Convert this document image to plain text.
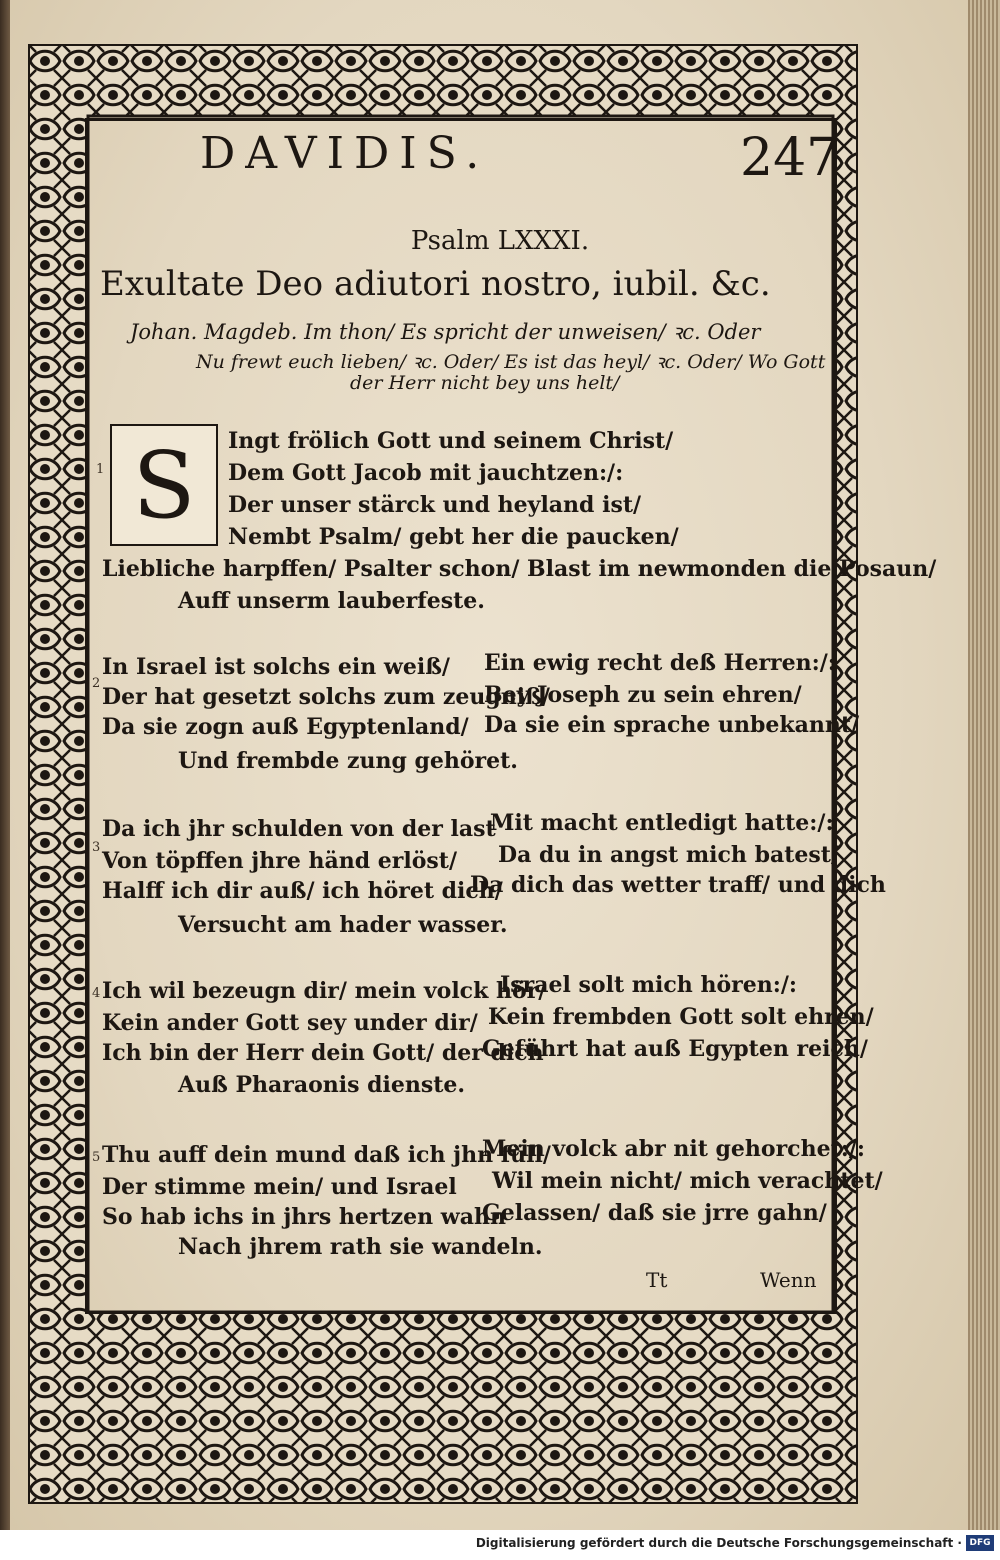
DAVIDIS.	247
Psalm LXXXI.
Exultate Deo adiutori nostro, iubil. &c.
Johan. Magdeb. Im thon/ Es spricht der unweisen/ ꝛc. Oder
Nu frewt euch lieben/ ꝛc. Oder/ Es ist das heyl/ ꝛc. Oder/ Wo Gott
der Herr nicht bey uns helt/
1 S	Ingt frölich Gott und seinem Christ/
Dem Gott Jacob mit jauchtzen:/:
Der unser stärck und heyland ist/
Nembt Psalm/ gebt her die paucken/
Liebliche harpffen/ Psalter schon/ Blast im newmonden die Posaun/
Auff unserm lauberfeste.
2
In Israel ist solchs ein weiß/ Ein ewig recht deß Herren:/:
Der hat gesetzt solchs zum zeugniß/
Bey Joseph zu sein ehren/
Da sie zogn auß Egyptenland/ Da sie ein sprache unbekannt/
Und frembde zung gehöret.
3
Da ich jhr schulden von der last
Mit macht entledigt hatte:/:
Von töpffen jhre händ erlöst/ Da du in angst mich batest/
Halff ich dir auß/ ich höret dich/
Da dich das wetter traff/ und dich
Versucht am hader wasser.
4 Ich wil bezeugn dir/ mein volck hör/
Israel solt mich hören:/:
Kein ander Gott sey under dir/ Kein frembden Gott solt ehren/
Ich bin der Herr dein Gott/ der dich
Geführt hat auß Egypten reich/
Auß Pharaonis dienste.
5 Thu auff dein mund daß ich jhn füll/
Mein volck abr nit gehorchet:/:
Der stimme mein/ und Israel Wil mein nicht/ mich verachtet/
So hab ichs in jhrs hertzen wahn
Gelassen/ daß sie jrre gahn/
Nach jhrem rath sie wandeln.
Tt	Wenn
Digitalisierung gefördert durch die Deutsche Forschungsgemeinschaft · DFG
